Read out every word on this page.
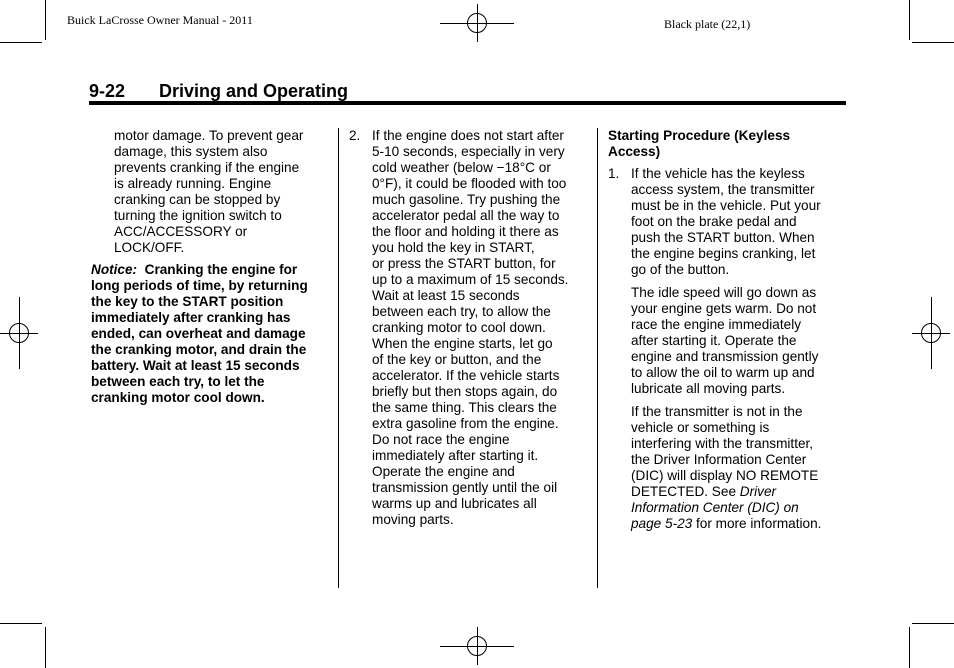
Buick LaCrosse Owner Manual - 2011	Black plate (22,1)
9-22 Driving and Operating

motor damage. To prevent gear
damage, this system also
prevents cranking if the engine
is already running. Engine
cranking can be stopped by
turning the ignition switch to
ACC/ACCESSORY or
LOCK/OFF.

Notice: Cranking the engine for
long periods of time, by returning
the key to the START position
immediately after cranking has
ended, can overheat and damage
the cranking motor, and drain the
battery. Wait at least 15 seconds
between each try, to let the
cranking motor cool down.

2. If the engine does not start after
5-10 seconds, especially in very
cold weather (below −18°C or
0°F), it could be flooded with too
much gasoline. Try pushing the
accelerator pedal all the way to
the floor and holding it there as
you hold the key in START,
or press the START button, for
up to a maximum of 15 seconds.
Wait at least 15 seconds
between each try, to allow the
cranking motor to cool down.
When the engine starts, let go
of the key or button, and the
accelerator. If the vehicle starts
briefly but then stops again, do
the same thing. This clears the
extra gasoline from the engine.
Do not race the engine
immediately after starting it.
Operate the engine and
transmission gently until the oil
warms up and lubricates all
moving parts.

Starting Procedure (Keyless
Access)

1. If the vehicle has the keyless
access system, the transmitter
must be in the vehicle. Put your
foot on the brake pedal and
push the START button. When
the engine begins cranking, let
go of the button.

The idle speed will go down as
your engine gets warm. Do not
race the engine immediately
after starting it. Operate the
engine and transmission gently
to allow the oil to warm up and
lubricate all moving parts.

If the transmitter is not in the
vehicle or something is
interfering with the transmitter,
the Driver Information Center
(DIC) will display NO REMOTE
DETECTED. See Driver
Information Center (DIC) on
page 5-23 for more information.
